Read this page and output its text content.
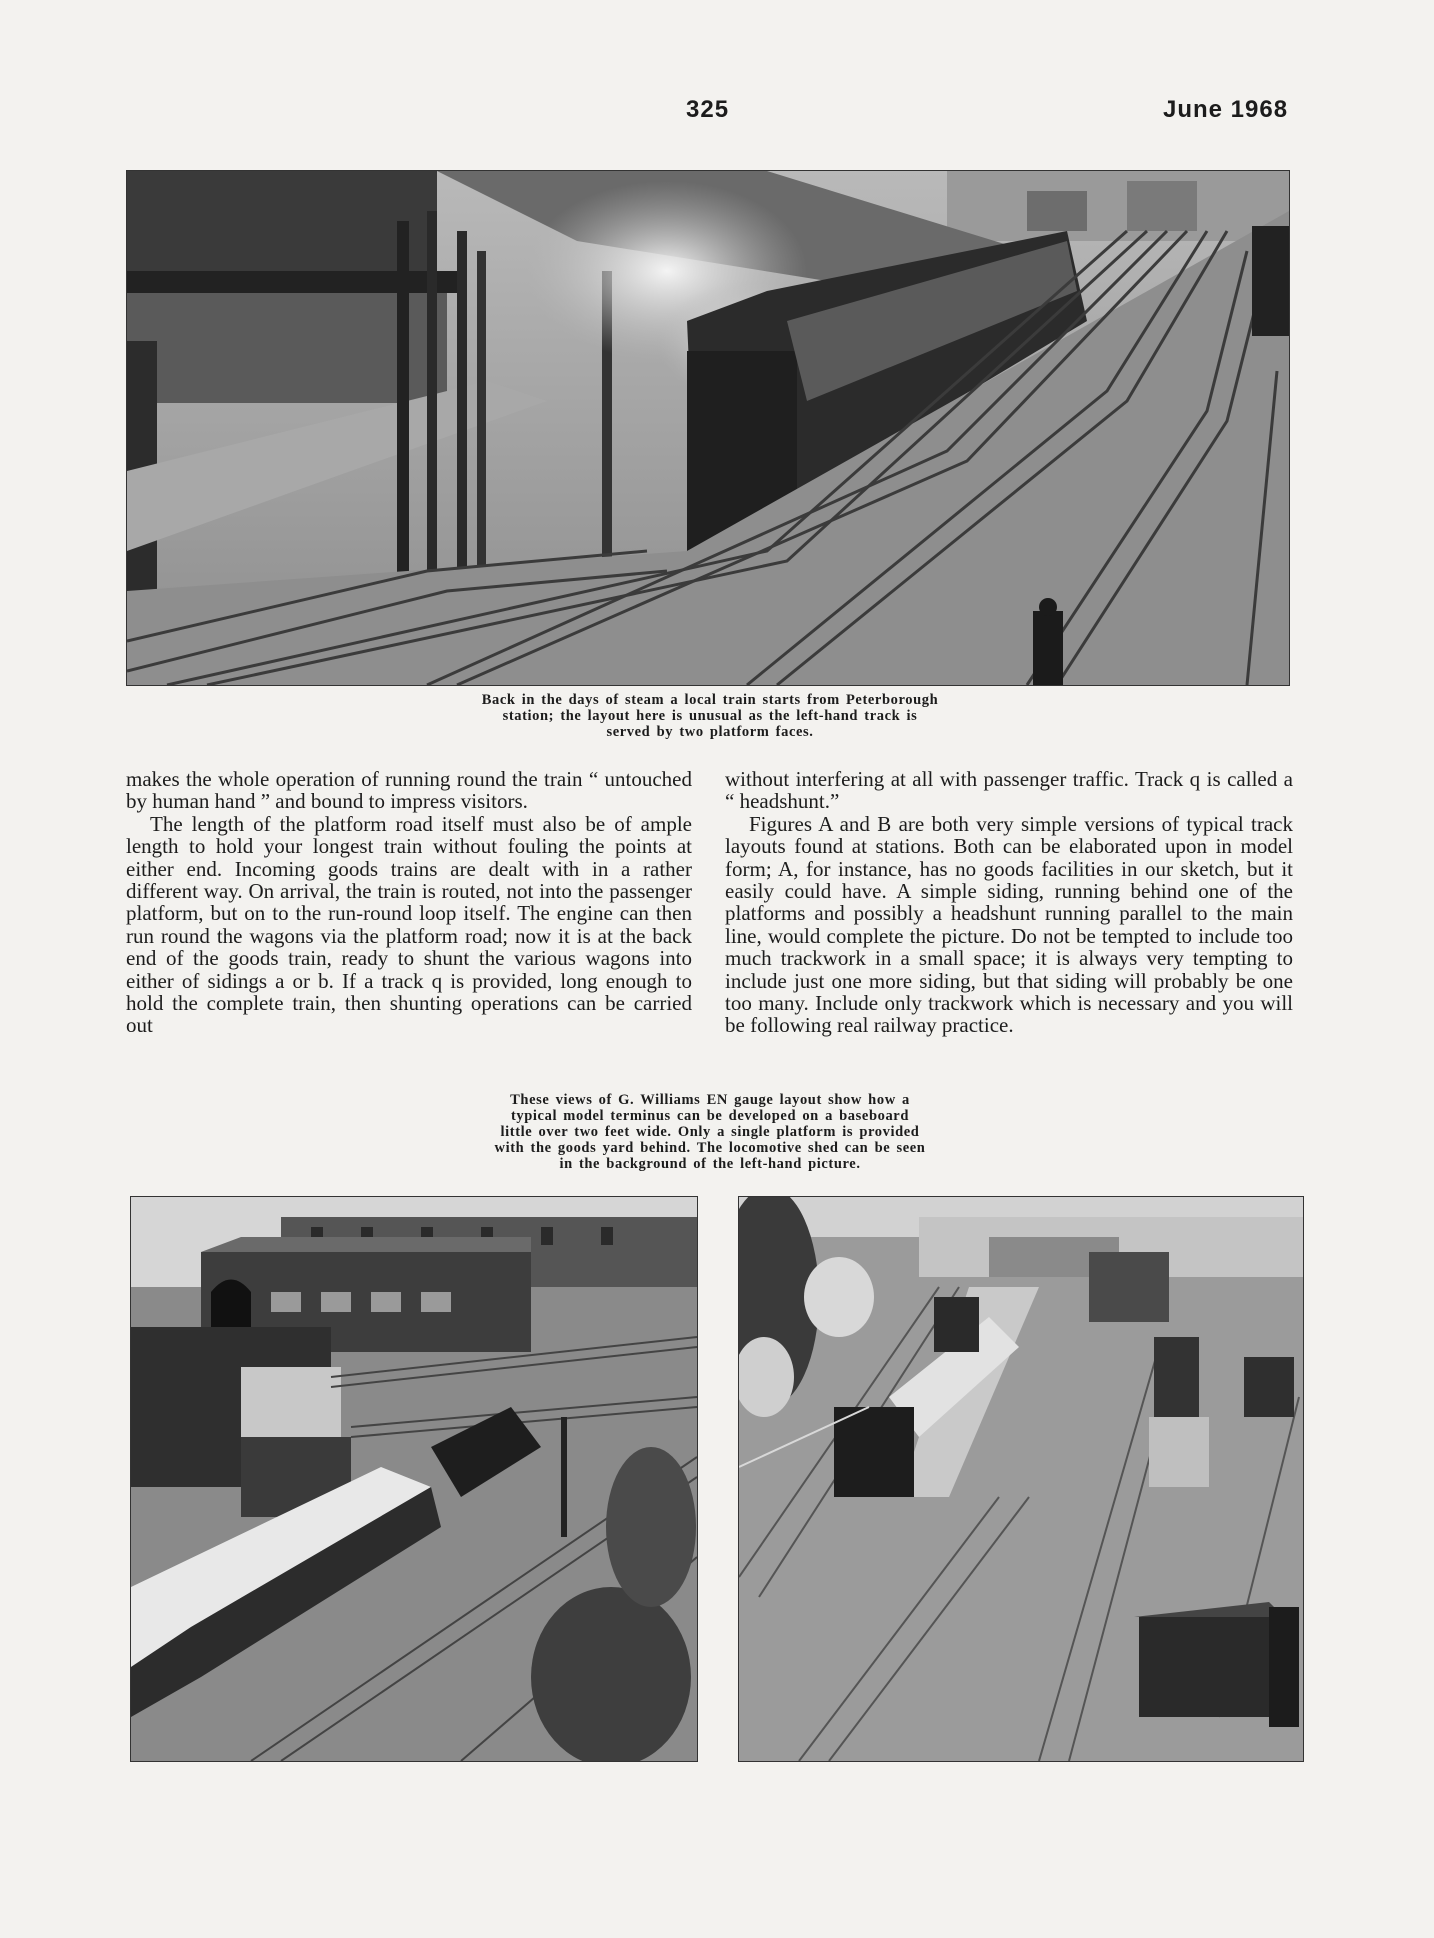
325	June 1968
Back in the days of steam a local train starts from Peterborough
station; the layout here is unusual as the left-hand track is
served by two platform faces.

makes the whole operation of running round the train “ untouched by human hand ” and bound to impress visitors.

The length of the platform road itself must also be of ample length to hold your longest train without fouling the points at either end. Incoming goods trains are dealt with in a rather different way. On arrival, the train is routed, not into the passenger platform, but on to the run-round loop itself. The engine can then run round the wagons via the platform road; now it is at the back end of the goods train, ready to shunt the various wagons into either of sidings a or b. If a track q is provided, long enough to hold the complete train, then shunting operations can be carried out

without interfering at all with passenger traffic. Track q is called a “ headshunt.”

Figures A and B are both very simple versions of typical track layouts found at stations. Both can be elaborated upon in model form; A, for instance, has no goods facilities in our sketch, but it easily could have. A simple siding, running behind one of the platforms and possibly a headshunt running parallel to the main line, would complete the picture. Do not be tempted to include too much trackwork in a small space; it is always very tempting to include just one more siding, but that siding will probably be one too many. Include only trackwork which is necessary and you will be following real railway practice.

These views of G. Williams EN gauge layout show how a
typical model terminus can be developed on a baseboard
little over two feet wide. Only a single platform is provided
with the goods yard behind. The locomotive shed can be seen
in the background of the left-hand picture.
